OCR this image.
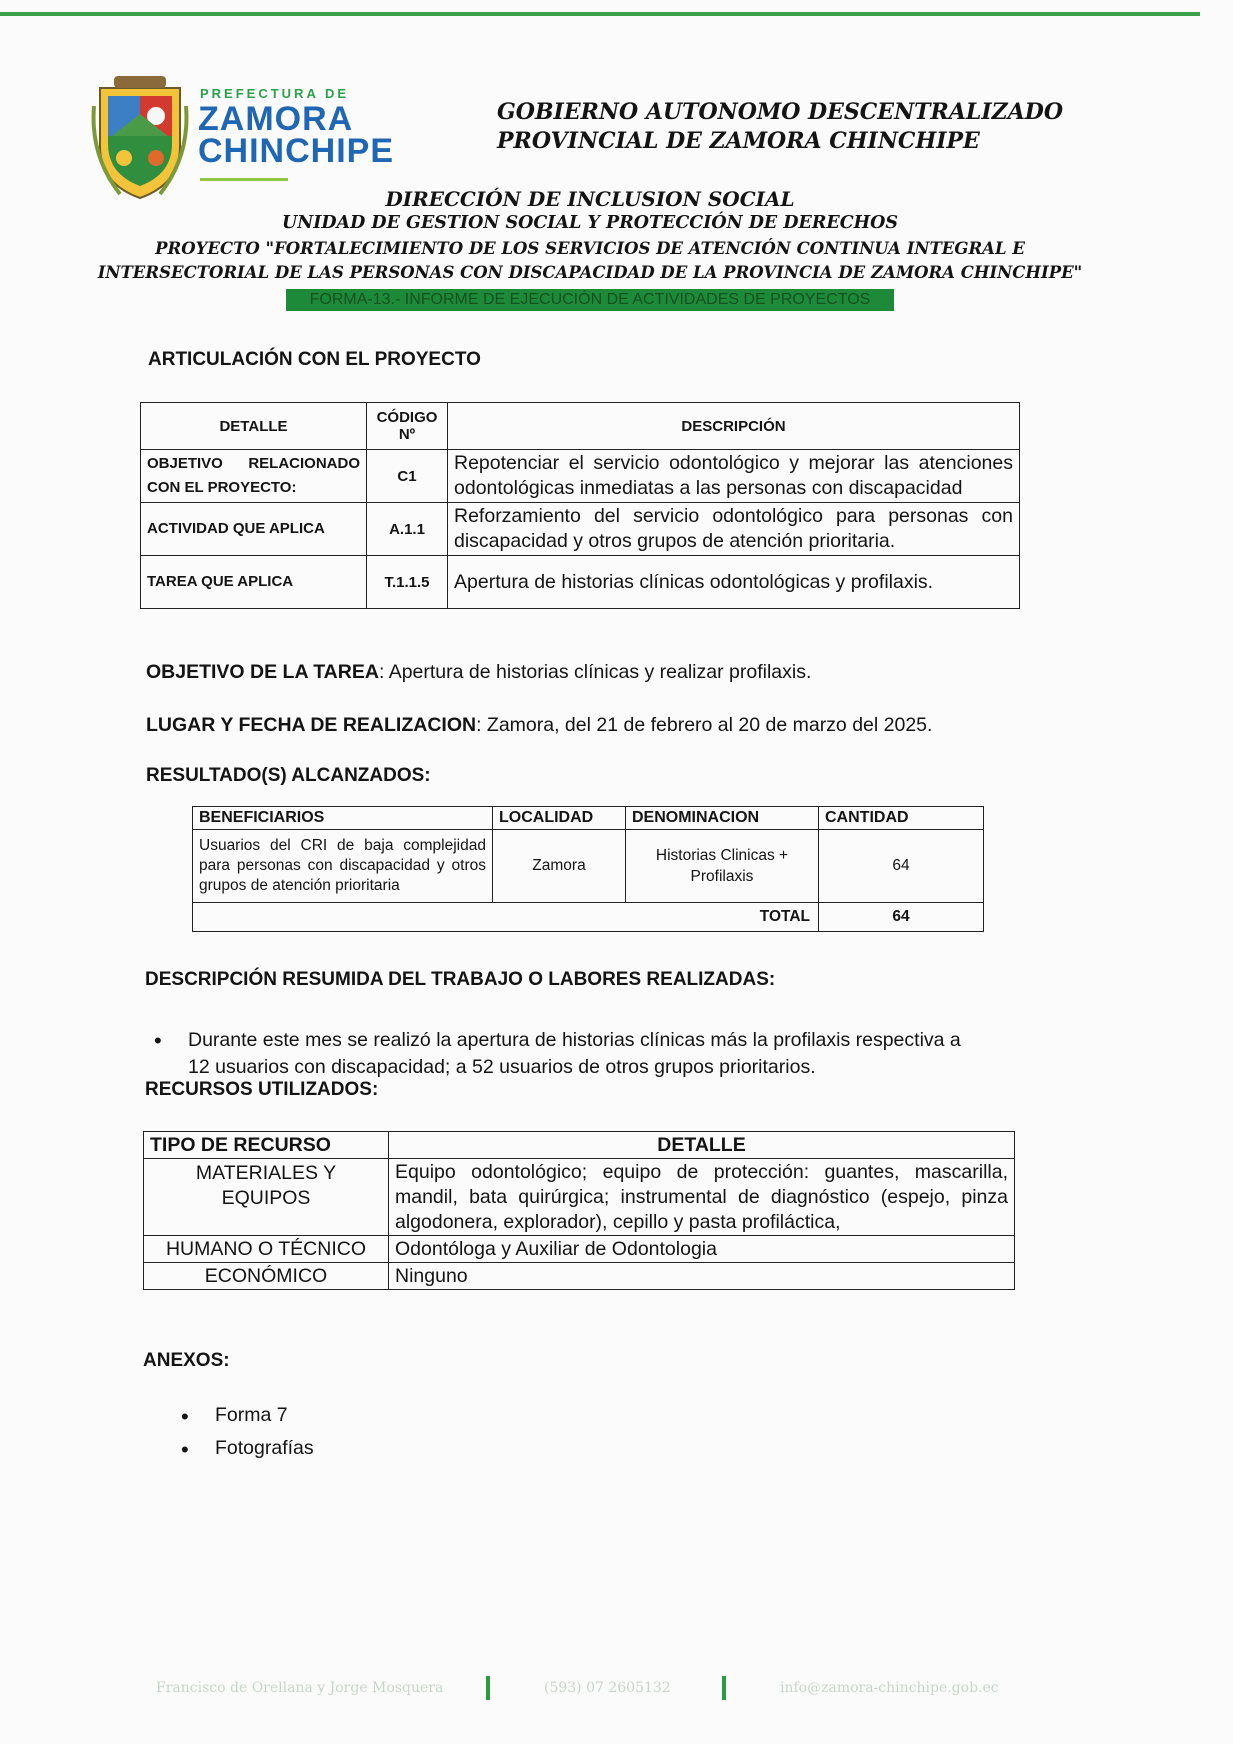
PREFECTURA DE
ZAMORA
CHINCHIPE
GOBIERNO AUTONOMO DESCENTRALIZADO
PROVINCIAL DE ZAMORA CHINCHIPE
DIRECCIÓN DE INCLUSION SOCIAL
UNIDAD DE GESTION SOCIAL Y PROTECCIÓN DE DERECHOS
PROYECTO "FORTALECIMIENTO DE LOS SERVICIOS DE ATENCIÓN CONTINUA INTEGRAL E
INTERSECTORIAL DE LAS PERSONAS CON DISCAPACIDAD DE LA PROVINCIA DE ZAMORA CHINCHIPE"
FORMA-13.- INFORME DE EJECUCIÓN DE ACTIVIDADES DE PROYECTOS
ARTICULACIÓN CON EL PROYECTO
DETALLE	CÓDIGO Nº	DESCRIPCIÓN
OBJETIVO RELACIONADO CON EL PROYECTO:	C1	Repotenciar el servicio odontológico y mejorar las atenciones odontológicas inmediatas a las personas con discapacidad
ACTIVIDAD QUE APLICA	A.1.1	Reforzamiento del servicio odontológico para personas con discapacidad y otros grupos de atención prioritaria.
TAREA QUE APLICA	T.1.1.5	Apertura de historias clínicas odontológicas y profilaxis.
OBJETIVO DE LA TAREA: Apertura de historias clínicas y realizar profilaxis.
LUGAR Y FECHA DE REALIZACION: Zamora, del 21 de febrero al 20 de marzo del 2025.
RESULTADO(S) ALCANZADOS:
BENEFICIARIOS	LOCALIDAD	DENOMINACION	CANTIDAD
Usuarios del CRI de baja complejidad para personas con discapacidad y otros grupos de atención prioritaria	Zamora	Historias Clinicas + Profilaxis	64
TOTAL			64
DESCRIPCIÓN RESUMIDA DEL TRABAJO O LABORES REALIZADAS:
• Durante este mes se realizó la apertura de historias clínicas más la profilaxis respectiva a
12 usuarios con discapacidad; a 52 usuarios de otros grupos prioritarios.
RECURSOS UTILIZADOS:
TIPO DE RECURSO	DETALLE
MATERIALES Y EQUIPOS	Equipo odontológico; equipo de protección: guantes, mascarilla, mandil, bata quirúrgica; instrumental de diagnóstico (espejo, pinza algodonera, explorador), cepillo y pasta profiláctica,
HUMANO O TÉCNICO	Odontóloga y Auxiliar de Odontologia
ECONÓMICO	Ninguno
ANEXOS:
• Forma 7
• Fotografías
Francisco de Orellana y Jorge Mosquera	(593) 07 2605132	info@zamora-chinchipe.gob.ec
